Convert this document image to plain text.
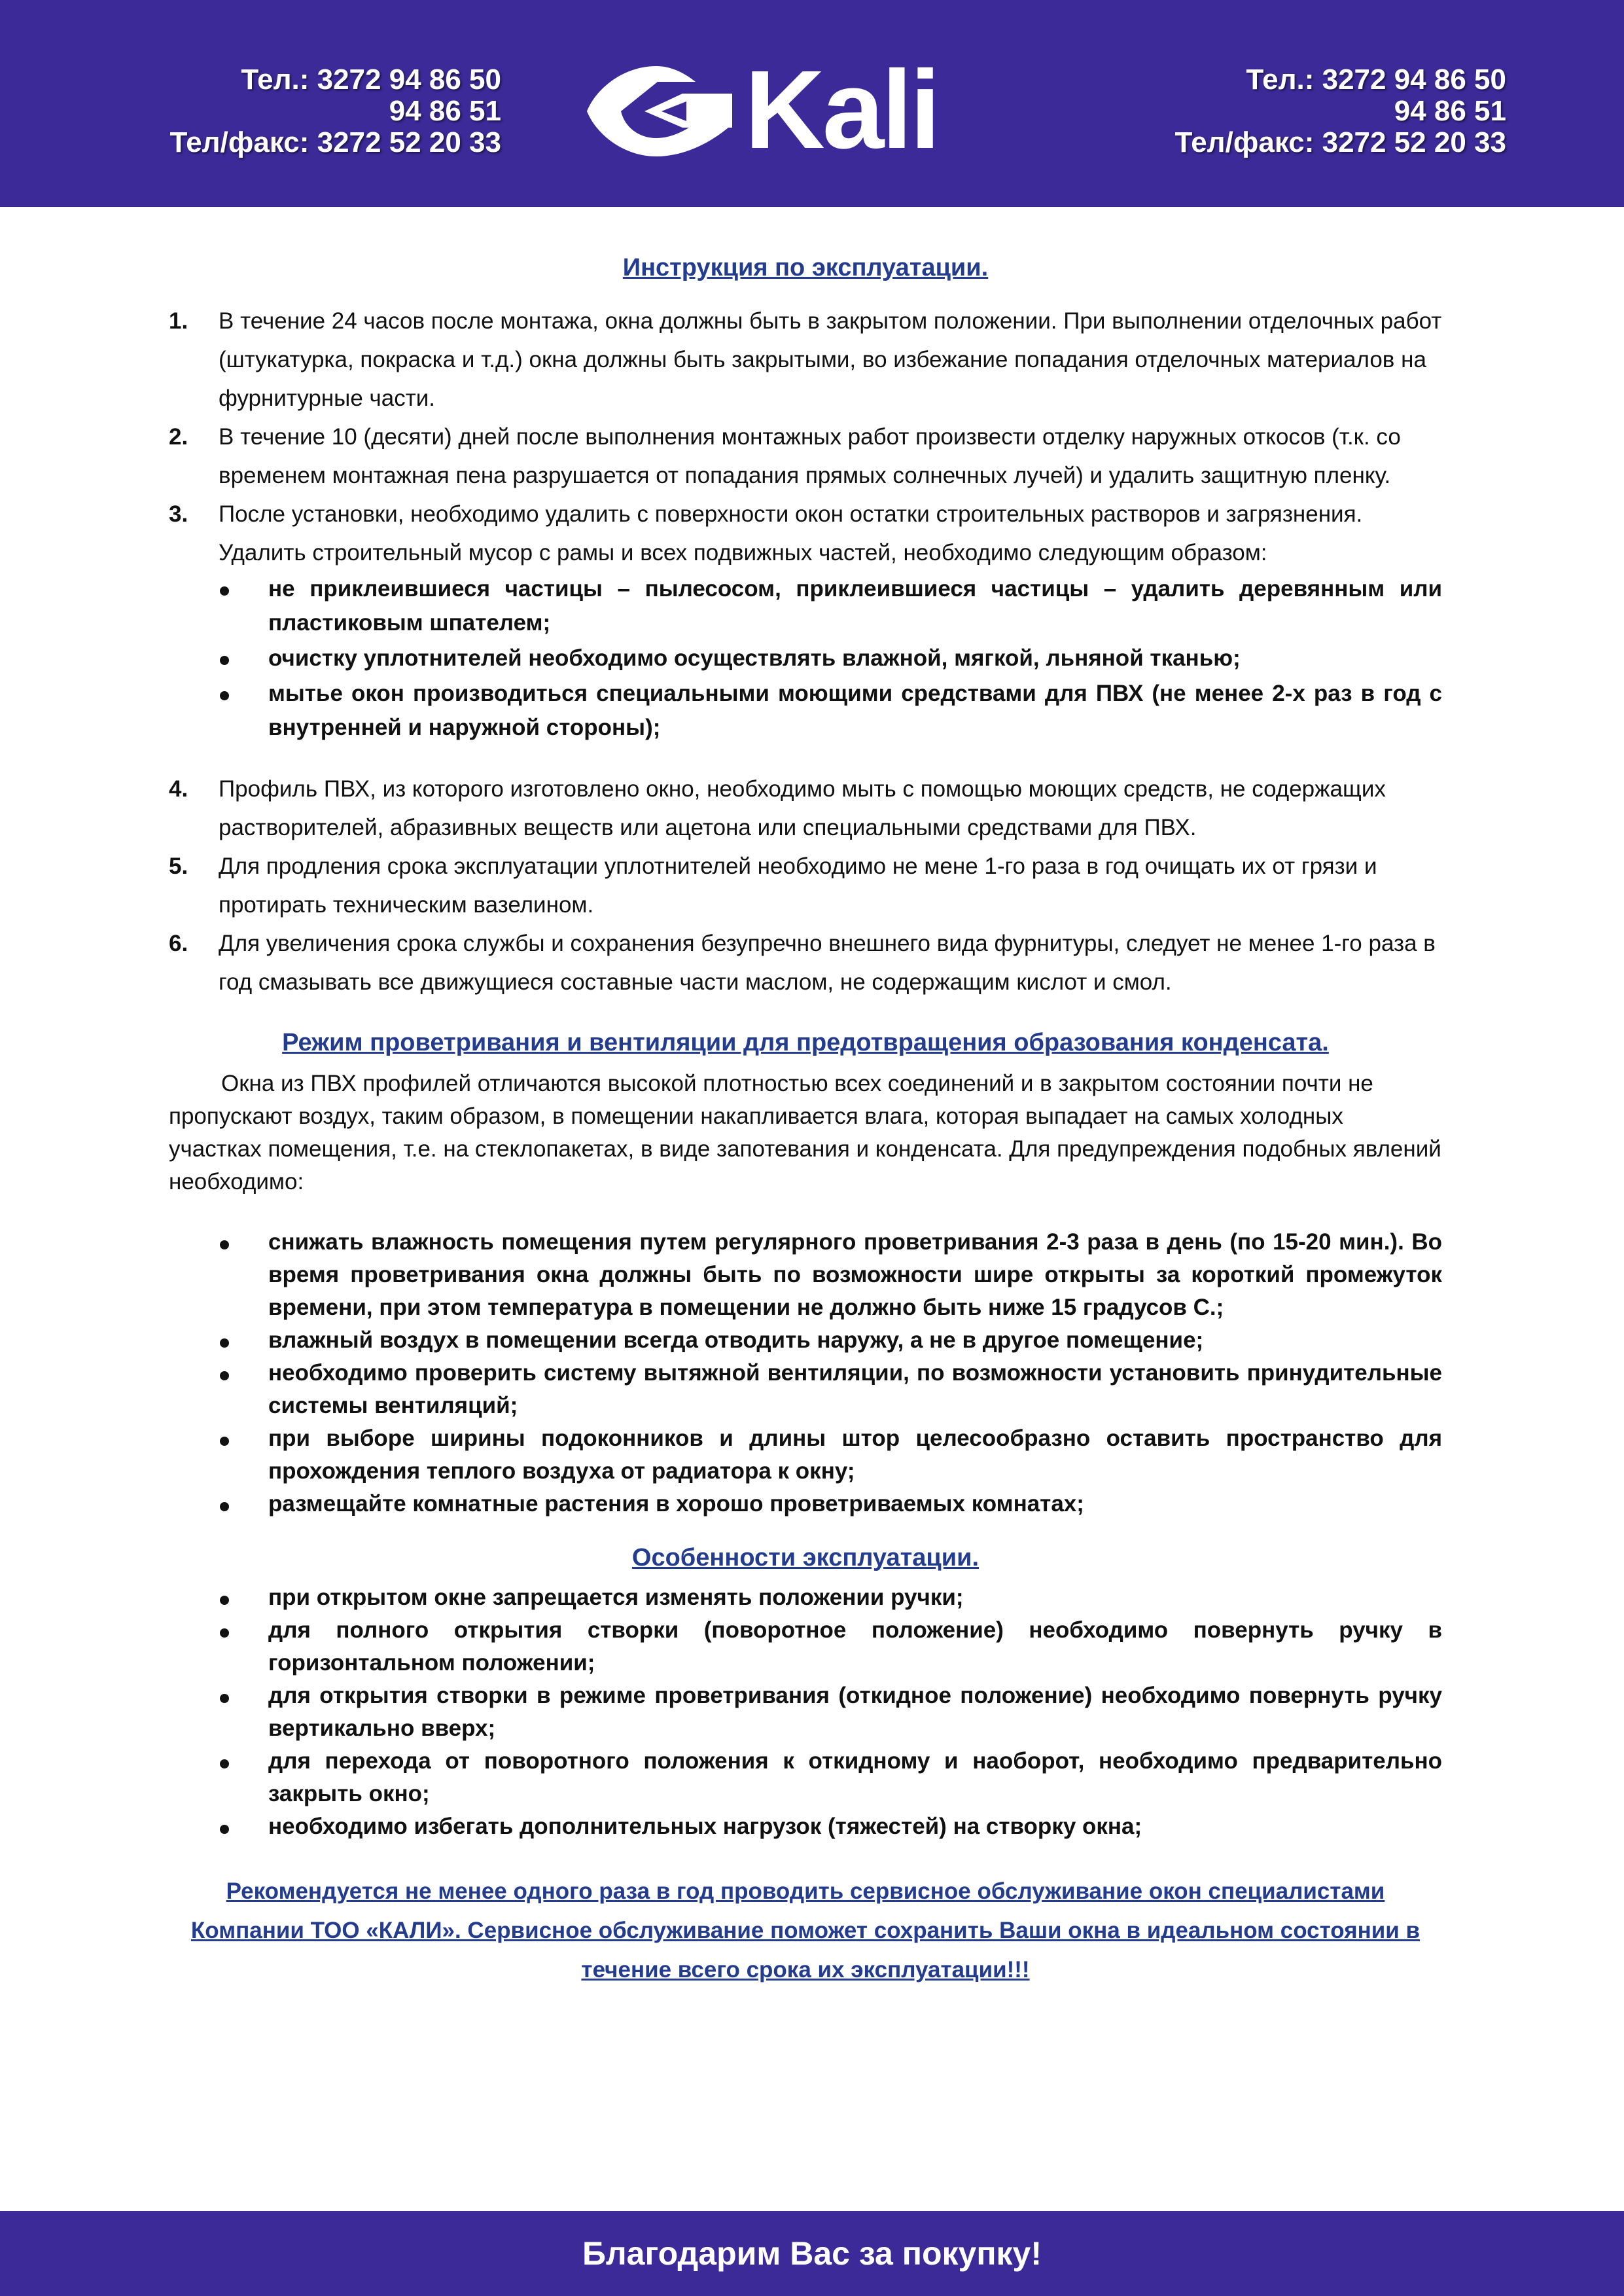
Тел.: 3272 94 86 50
94 86 51
Тел/факс: 3272 52 20 33 Kali	Тел.: 3272 94 86 50
94 86 51
Тел/факс: 3272 52 20 33
Инструкция по эксплуатации.
1. В течение 24 часов после монтажа, окна должны быть в закрытом положении. При выполнении отделочных работ (штукатурка, покраска и т.д.) окна должны быть закрытыми, во избежание попадания отделочных материалов на фурнитурные части.
2. В течение 10 (десяти) дней после выполнения монтажных работ произвести отделку наружных откосов (т.к. со временем монтажная пена разрушается от попадания прямых солнечных лучей) и удалить защитную пленку.
3. После установки, необходимо удалить с поверхности окон остатки строительных растворов и загрязнения. Удалить строительный мусор с рамы и всех подвижных частей, необходимо следующим образом:
не приклеившиеся частицы – пылесосом, приклеившиеся частицы – удалить деревянным или пластиковым шпателем;
очистку уплотнителей необходимо осуществлять влажной, мягкой, льняной тканью;
мытье окон производиться специальными моющими средствами для ПВХ (не менее 2-х раз в год с внутренней и наружной стороны);
4. Профиль ПВХ, из которого изготовлено окно, необходимо мыть с помощью моющих средств, не содержащих растворителей, абразивных веществ или ацетона или специальными средствами для ПВХ.
5. Для продления срока эксплуатации уплотнителей необходимо не мене 1-го раза в год очищать их от грязи и протирать техническим вазелином.
6. Для увеличения срока службы и сохранения безупречно внешнего вида фурнитуры, следует не менее 1-го раза в год смазывать все движущиеся составные части маслом, не содержащим кислот и смол.
Режим проветривания и вентиляции для предотвращения образования конденсата.

Окна из ПВХ профилей отличаются высокой плотностью всех соединений и в закрытом состоянии почти не пропускают воздух, таким образом, в помещении накапливается влага, которая выпадает на самых холодных участках помещения, т.е. на стеклопакетах, в виде запотевания и конденсата. Для предупреждения подобных явлений необходимо:

снижать влажность помещения путем регулярного проветривания 2-3 раза в день (по 15-20 мин.). Во время проветривания окна должны быть по возможности шире открыты за короткий промежуток времени, при этом температура в помещении не должно быть ниже 15 градусов С.;
влажный воздух в помещении всегда отводить наружу, а не в другое помещение;
необходимо проверить систему вытяжной вентиляции, по возможности установить принудительные системы вентиляций;
при выборе ширины подоконников и длины штор целесообразно оставить пространство для прохождения теплого воздуха от радиатора к окну;
размещайте комнатные растения в хорошо проветриваемых комнатах;
Особенности эксплуатации.
при открытом окне запрещается изменять положении ручки;
для полного открытия створки (поворотное положение) необходимо повернуть ручку в горизонтальном положении;
для открытия створки в режиме проветривания (откидное положение) необходимо повернуть ручку вертикально вверх;
для перехода от поворотного положения к откидному и наоборот, необходимо предварительно закрыть окно;
необходимо избегать дополнительных нагрузок (тяжестей) на створку окна;
Рекомендуется не менее одного раза в год проводить сервисное обслуживание окон специалистами Компании ТОО «КАЛИ». Сервисное обслуживание поможет сохранить Ваши окна в идеальном состоянии в течение всего срока их эксплуатации!!!
Благодарим Вас за покупку!
